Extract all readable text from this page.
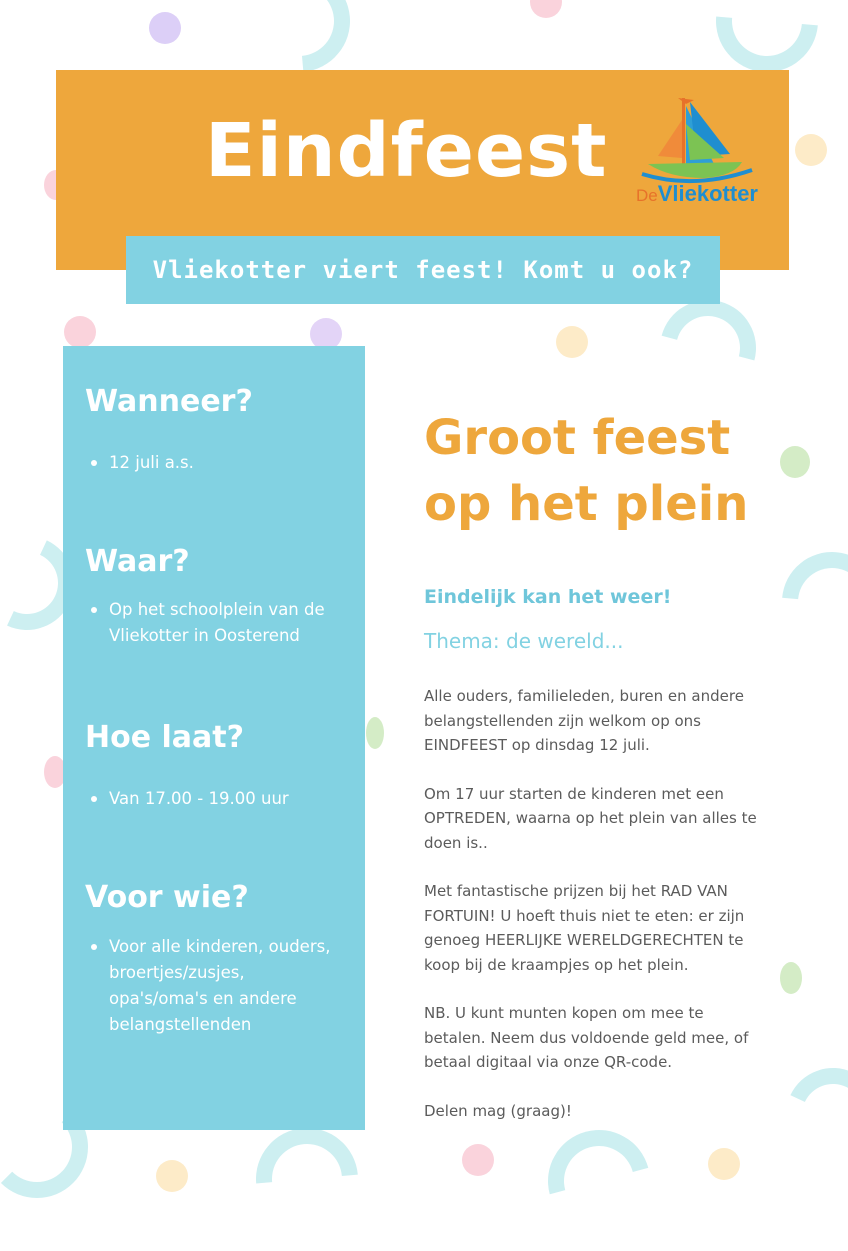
Eindfeest
DeVliekotter
Vliekotter viert feest! Komt u ook?
Wanneer?
12 juli a.s.
Waar?
Op het schoolplein van de Vliekotter in Oosterend
Hoe laat?
Van 17.00 - 19.00 uur
Voor wie?
Voor alle kinderen, ouders, broertjes/zusjes, opa's/oma's en andere belangstellenden
Groot feest
op het plein

Eindelijk kan het weer!

Thema: de wereld...

Alle ouders, familieleden, buren en andere belangstellenden zijn welkom op ons EINDFEEST op dinsdag 12 juli.

Om 17 uur starten de kinderen met een OPTREDEN, waarna op het plein van alles te doen is..

Met fantastische prijzen bij het RAD VAN FORTUIN! U hoeft thuis niet te eten: er zijn genoeg HEERLIJKE WERELDGERECHTEN te koop bij de kraampjes op het plein.

NB. U kunt munten kopen om mee te betalen. Neem dus voldoende geld mee, of betaal digitaal via onze QR-code.

Delen mag (graag)!
